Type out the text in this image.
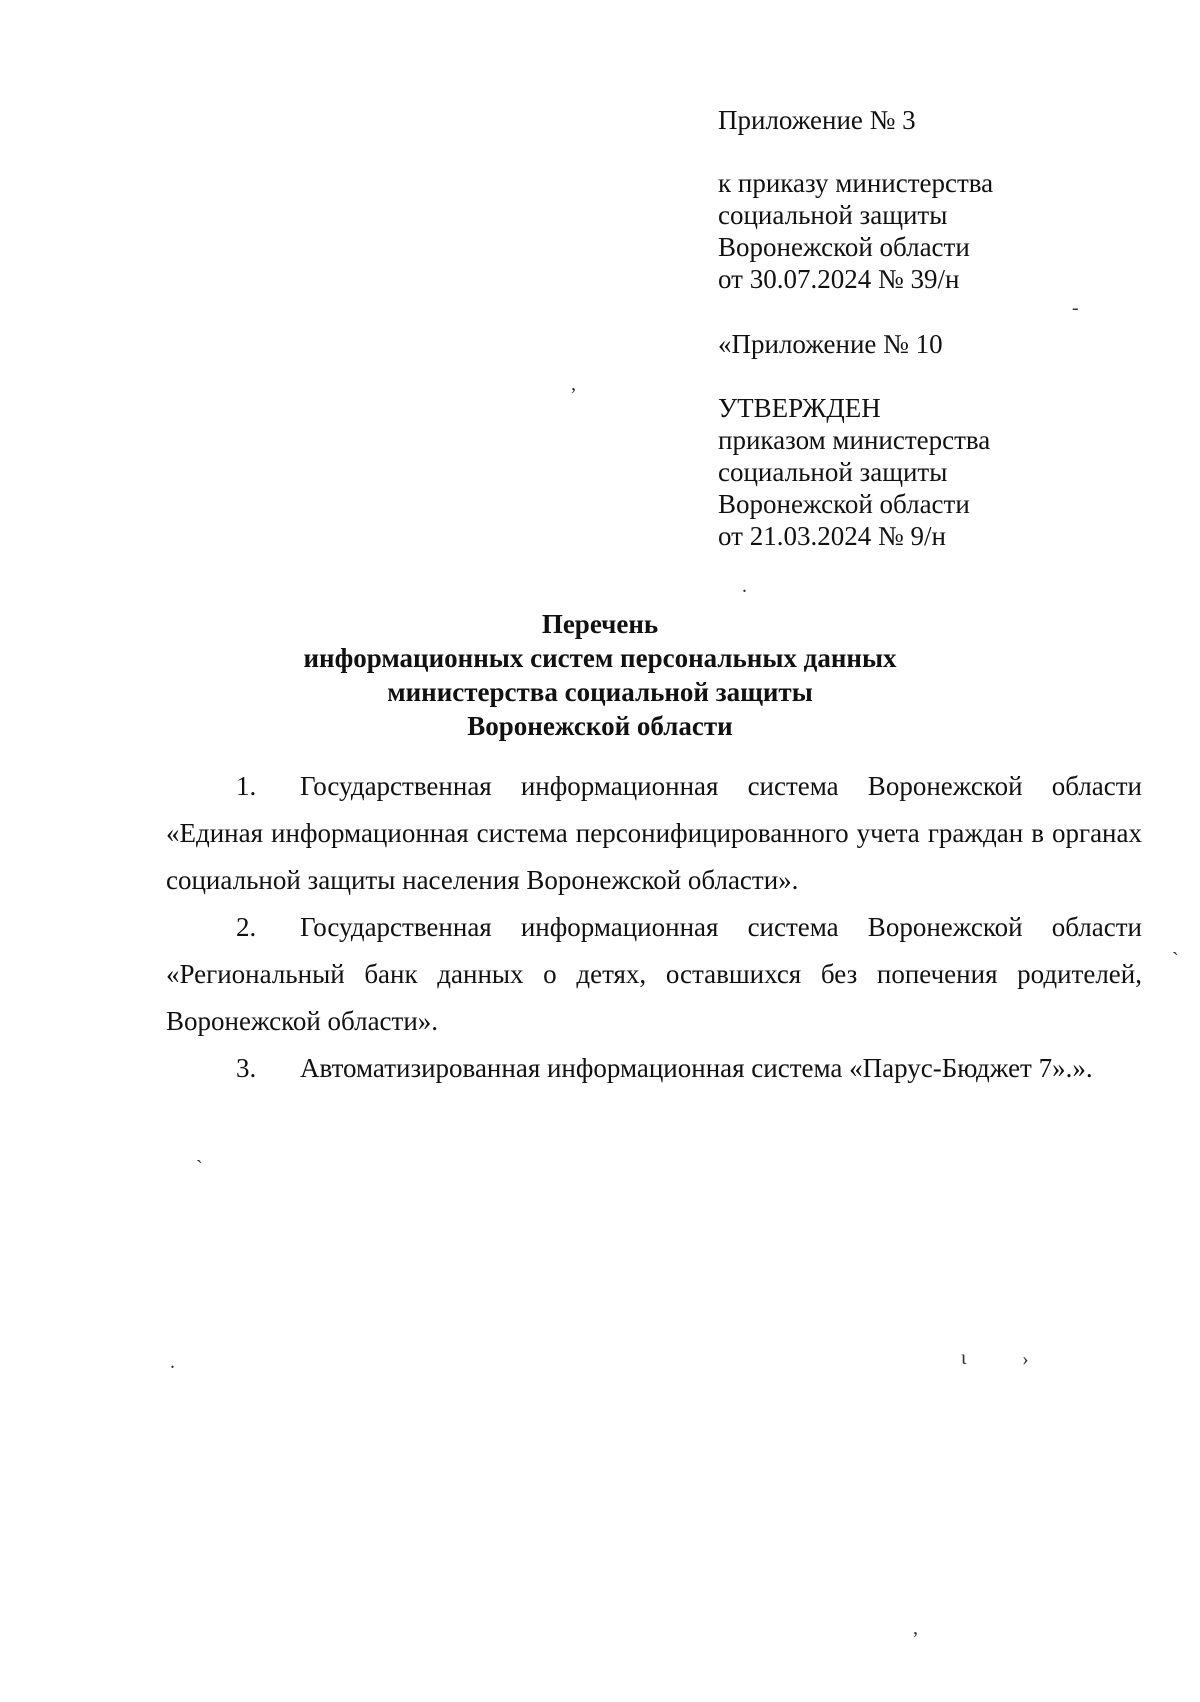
Приложение № 3
к приказу министерства
социальной защиты
Воронежской области
от 30.07.2024 № 39/н
«Приложение № 10
УТВЕРЖДЕН
приказом министерства
социальной защиты
Воронежской области
от 21.03.2024 № 9/н
Перечень
информационных систем персональных данных
министерства социальной защиты
Воронежской области
1. Государственная информационная система Воронежской области «Единая информационная система персонифицированного учета граждан в органах социальной защиты населения Воронежской области».
2. Государственная информационная система Воронежской области «Региональный банк данных о детях, оставшихся без попечения родителей, Воронежской области».
3. Автоматизированная информационная система «Парус-Бюджет 7».».
-
,
.
`
`
.	ι	›
,
